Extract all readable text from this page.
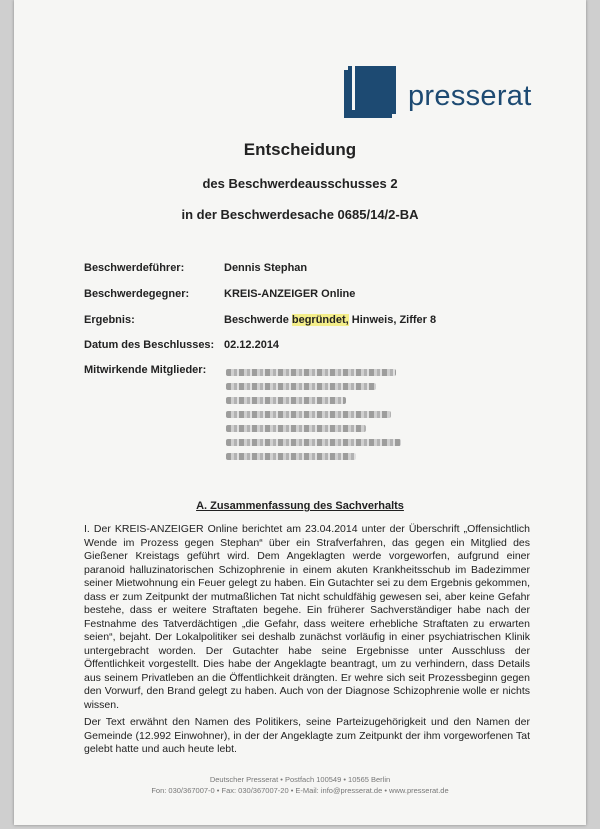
presserat
Entscheidung
des Beschwerdeausschusses 2
in der Beschwerdesache 0685/14/2-BA
Beschwerdeführer:	Dennis Stephan
Beschwerdegegner:	KREIS-ANZEIGER Online
Ergebnis:	Beschwerde begründet, Hinweis, Ziffer 8
Datum des Beschlusses: 02.12.2014
Mitwirkende Mitglieder:
A. Zusammenfassung des Sachverhalts
I. Der KREIS-ANZEIGER Online berichtet am 23.04.2014 unter der Überschrift „Offensichtlich Wende im Prozess gegen Stephan“ über ein Strafverfahren, das gegen ein Mitglied des Gießener Kreistags geführt wird. Dem Angeklagten werde vorgeworfen, aufgrund einer paranoid halluzinatorischen Schizophrenie in einem akuten Krankheitsschub im Badezimmer seiner Mietwohnung ein Feuer gelegt zu haben. Ein Gutachter sei zu dem Ergebnis gekommen, dass er zum Zeitpunkt der mutmaßlichen Tat nicht schuldfähig gewesen sei, aber keine Gefahr bestehe, dass er weitere Straftaten begehe. Ein früherer Sachverständiger habe nach der Festnahme des Tatverdächtigen „die Gefahr, dass weitere erhebliche Straftaten zu erwarten seien“, bejaht. Der Lokalpolitiker sei deshalb zunächst vorläufig in einer psychiatrischen Klinik untergebracht worden. Der Gutachter habe seine Ergebnisse unter Ausschluss der Öffentlichkeit vorgestellt. Dies habe der Angeklagte beantragt, um zu verhindern, dass Details aus seinem Privatleben an die Öffentlichkeit drängten. Er wehre sich seit Prozessbeginn gegen den Vorwurf, den Brand gelegt zu haben. Auch von der Diagnose Schizophrenie wolle er nichts wissen.
Der Text erwähnt den Namen des Politikers, seine Parteizugehörigkeit und den Namen der Gemeinde (12.992 Einwohner), in der der Angeklagte zum Zeitpunkt der ihm vorgeworfenen Tat gelebt hatte und auch heute lebt.
Deutscher Presserat • Postfach 100549 • 10565 Berlin
Fon: 030/367007-0 • Fax: 030/367007-20 • E-Mail: info@presserat.de • www.presserat.de
